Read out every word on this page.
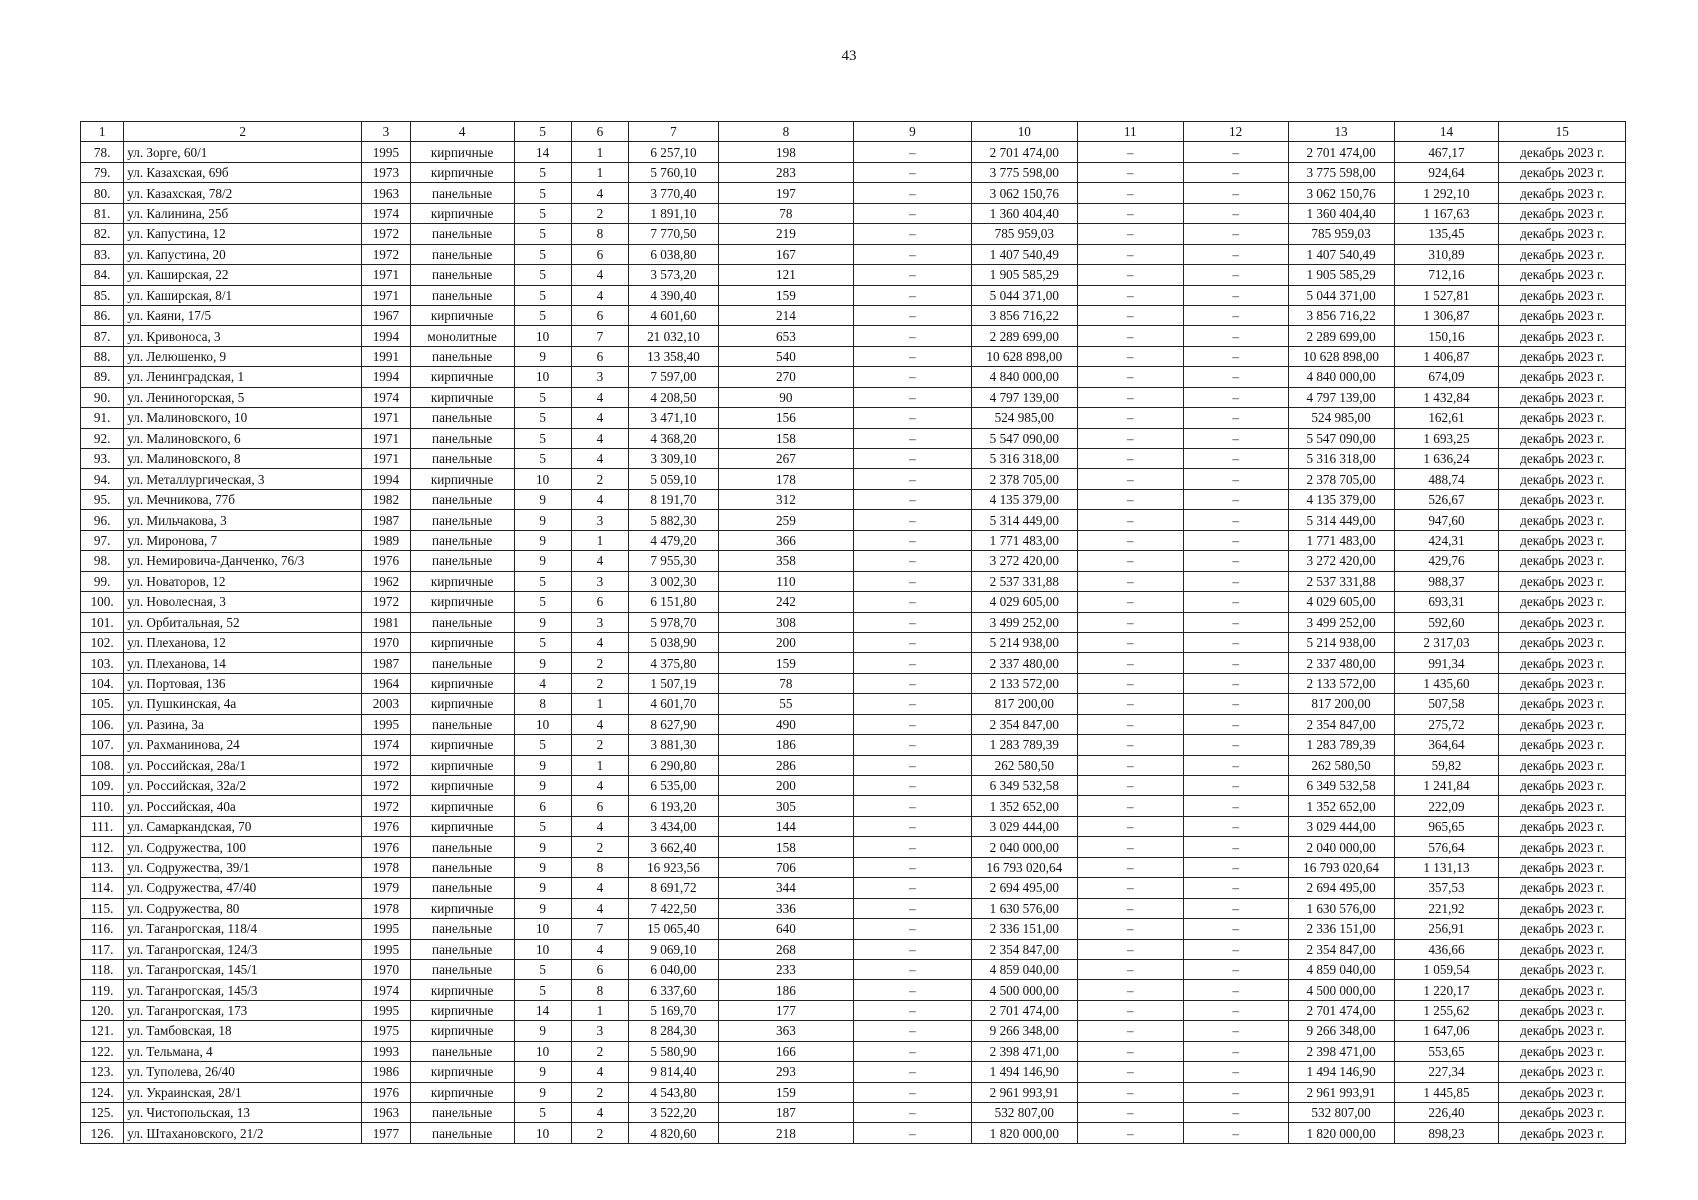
43
1	2	3	4	5	6	7	8	9	10	11	12	13	14	15
78.	ул. Зорге, 60/1	1995	кирпичные	14	1	6 257,10	198	–	2 701 474,00	–	–	2 701 474,00	467,17	декабрь 2023 г.
79.	ул. Казахская, 69б	1973	кирпичные	5	1	5 760,10	283	–	3 775 598,00	–	–	3 775 598,00	924,64	декабрь 2023 г.
80.	ул. Казахская, 78/2	1963	панельные	5	4	3 770,40	197	–	3 062 150,76	–	–	3 062 150,76	1 292,10	декабрь 2023 г.
81.	ул. Калинина, 25б	1974	кирпичные	5	2	1 891,10	78	–	1 360 404,40	–	–	1 360 404,40	1 167,63	декабрь 2023 г.
82.	ул. Капустина, 12	1972	панельные	5	8	7 770,50	219	–	785 959,03	–	–	785 959,03	135,45	декабрь 2023 г.
83.	ул. Капустина, 20	1972	панельные	5	6	6 038,80	167	–	1 407 540,49	–	–	1 407 540,49	310,89	декабрь 2023 г.
84.	ул. Каширская, 22	1971	панельные	5	4	3 573,20	121	–	1 905 585,29	–	–	1 905 585,29	712,16	декабрь 2023 г.
85.	ул. Каширская, 8/1	1971	панельные	5	4	4 390,40	159	–	5 044 371,00	–	–	5 044 371,00	1 527,81	декабрь 2023 г.
86.	ул. Каяни, 17/5	1967	кирпичные	5	6	4 601,60	214	–	3 856 716,22	–	–	3 856 716,22	1 306,87	декабрь 2023 г.
87.	ул. Кривоноса, 3	1994	монолитные	10	7	21 032,10	653	–	2 289 699,00	–	–	2 289 699,00	150,16	декабрь 2023 г.
88.	ул. Лелюшенко, 9	1991	панельные	9	6	13 358,40	540	–	10 628 898,00	–	–	10 628 898,00	1 406,87	декабрь 2023 г.
89.	ул. Ленинградская, 1	1994	кирпичные	10	3	7 597,00	270	–	4 840 000,00	–	–	4 840 000,00	674,09	декабрь 2023 г.
90.	ул. Лениногорская, 5	1974	кирпичные	5	4	4 208,50	90	–	4 797 139,00	–	–	4 797 139,00	1 432,84	декабрь 2023 г.
91.	ул. Малиновского, 10	1971	панельные	5	4	3 471,10	156	–	524 985,00	–	–	524 985,00	162,61	декабрь 2023 г.
92.	ул. Малиновского, 6	1971	панельные	5	4	4 368,20	158	–	5 547 090,00	–	–	5 547 090,00	1 693,25	декабрь 2023 г.
93.	ул. Малиновского, 8	1971	панельные	5	4	3 309,10	267	–	5 316 318,00	–	–	5 316 318,00	1 636,24	декабрь 2023 г.
94.	ул. Металлургическая, 3	1994	кирпичные	10	2	5 059,10	178	–	2 378 705,00	–	–	2 378 705,00	488,74	декабрь 2023 г.
95.	ул. Мечникова, 77б	1982	панельные	9	4	8 191,70	312	–	4 135 379,00	–	–	4 135 379,00	526,67	декабрь 2023 г.
96.	ул. Мильчакова, 3	1987	панельные	9	3	5 882,30	259	–	5 314 449,00	–	–	5 314 449,00	947,60	декабрь 2023 г.
97.	ул. Миронова, 7	1989	панельные	9	1	4 479,20	366	–	1 771 483,00	–	–	1 771 483,00	424,31	декабрь 2023 г.
98.	ул. Немировича-Данченко, 76/3	1976	панельные	9	4	7 955,30	358	–	3 272 420,00	–	–	3 272 420,00	429,76	декабрь 2023 г.
99.	ул. Новаторов, 12	1962	кирпичные	5	3	3 002,30	110	–	2 537 331,88	–	–	2 537 331,88	988,37	декабрь 2023 г.
100.	ул. Новолесная, 3	1972	кирпичные	5	6	6 151,80	242	–	4 029 605,00	–	–	4 029 605,00	693,31	декабрь 2023 г.
101.	ул. Орбитальная, 52	1981	панельные	9	3	5 978,70	308	–	3 499 252,00	–	–	3 499 252,00	592,60	декабрь 2023 г.
102.	ул. Плеханова, 12	1970	кирпичные	5	4	5 038,90	200	–	5 214 938,00	–	–	5 214 938,00	2 317,03	декабрь 2023 г.
103.	ул. Плеханова, 14	1987	панельные	9	2	4 375,80	159	–	2 337 480,00	–	–	2 337 480,00	991,34	декабрь 2023 г.
104.	ул. Портовая, 136	1964	кирпичные	4	2	1 507,19	78	–	2 133 572,00	–	–	2 133 572,00	1 435,60	декабрь 2023 г.
105.	ул. Пушкинская, 4а	2003	кирпичные	8	1	4 601,70	55	–	817 200,00	–	–	817 200,00	507,58	декабрь 2023 г.
106.	ул. Разина, 3а	1995	панельные	10	4	8 627,90	490	–	2 354 847,00	–	–	2 354 847,00	275,72	декабрь 2023 г.
107.	ул. Рахманинова, 24	1974	кирпичные	5	2	3 881,30	186	–	1 283 789,39	–	–	1 283 789,39	364,64	декабрь 2023 г.
108.	ул. Российская, 28а/1	1972	кирпичные	9	1	6 290,80	286	–	262 580,50	–	–	262 580,50	59,82	декабрь 2023 г.
109.	ул. Российская, 32а/2	1972	кирпичные	9	4	6 535,00	200	–	6 349 532,58	–	–	6 349 532,58	1 241,84	декабрь 2023 г.
110.	ул. Российская, 40а	1972	кирпичные	6	6	6 193,20	305	–	1 352 652,00	–	–	1 352 652,00	222,09	декабрь 2023 г.
111.	ул. Самаркандская, 70	1976	кирпичные	5	4	3 434,00	144	–	3 029 444,00	–	–	3 029 444,00	965,65	декабрь 2023 г.
112.	ул. Содружества, 100	1976	панельные	9	2	3 662,40	158	–	2 040 000,00	–	–	2 040 000,00	576,64	декабрь 2023 г.
113.	ул. Содружества, 39/1	1978	панельные	9	8	16 923,56	706	–	16 793 020,64	–	–	16 793 020,64	1 131,13	декабрь 2023 г.
114.	ул. Содружества, 47/40	1979	панельные	9	4	8 691,72	344	–	2 694 495,00	–	–	2 694 495,00	357,53	декабрь 2023 г.
115.	ул. Содружества, 80	1978	кирпичные	9	4	7 422,50	336	–	1 630 576,00	–	–	1 630 576,00	221,92	декабрь 2023 г.
116.	ул. Таганрогская, 118/4	1995	панельные	10	7	15 065,40	640	–	2 336 151,00	–	–	2 336 151,00	256,91	декабрь 2023 г.
117.	ул. Таганрогская, 124/3	1995	панельные	10	4	9 069,10	268	–	2 354 847,00	–	–	2 354 847,00	436,66	декабрь 2023 г.
118.	ул. Таганрогская, 145/1	1970	панельные	5	6	6 040,00	233	–	4 859 040,00	–	–	4 859 040,00	1 059,54	декабрь 2023 г.
119.	ул. Таганрогская, 145/3	1974	кирпичные	5	8	6 337,60	186	–	4 500 000,00	–	–	4 500 000,00	1 220,17	декабрь 2023 г.
120.	ул. Таганрогская, 173	1995	кирпичные	14	1	5 169,70	177	–	2 701 474,00	–	–	2 701 474,00	1 255,62	декабрь 2023 г.
121.	ул. Тамбовская, 18	1975	кирпичные	9	3	8 284,30	363	–	9 266 348,00	–	–	9 266 348,00	1 647,06	декабрь 2023 г.
122.	ул. Тельмана, 4	1993	панельные	10	2	5 580,90	166	–	2 398 471,00	–	–	2 398 471,00	553,65	декабрь 2023 г.
123.	ул. Туполева, 26/40	1986	кирпичные	9	4	9 814,40	293	–	1 494 146,90	–	–	1 494 146,90	227,34	декабрь 2023 г.
124.	ул. Украинская, 28/1	1976	кирпичные	9	2	4 543,80	159	–	2 961 993,91	–	–	2 961 993,91	1 445,85	декабрь 2023 г.
125.	ул. Чистопольская, 13	1963	панельные	5	4	3 522,20	187	–	532 807,00	–	–	532 807,00	226,40	декабрь 2023 г.
126.	ул. Штахановского, 21/2	1977	панельные	10	2	4 820,60	218	–	1 820 000,00	–	–	1 820 000,00	898,23	декабрь 2023 г.
